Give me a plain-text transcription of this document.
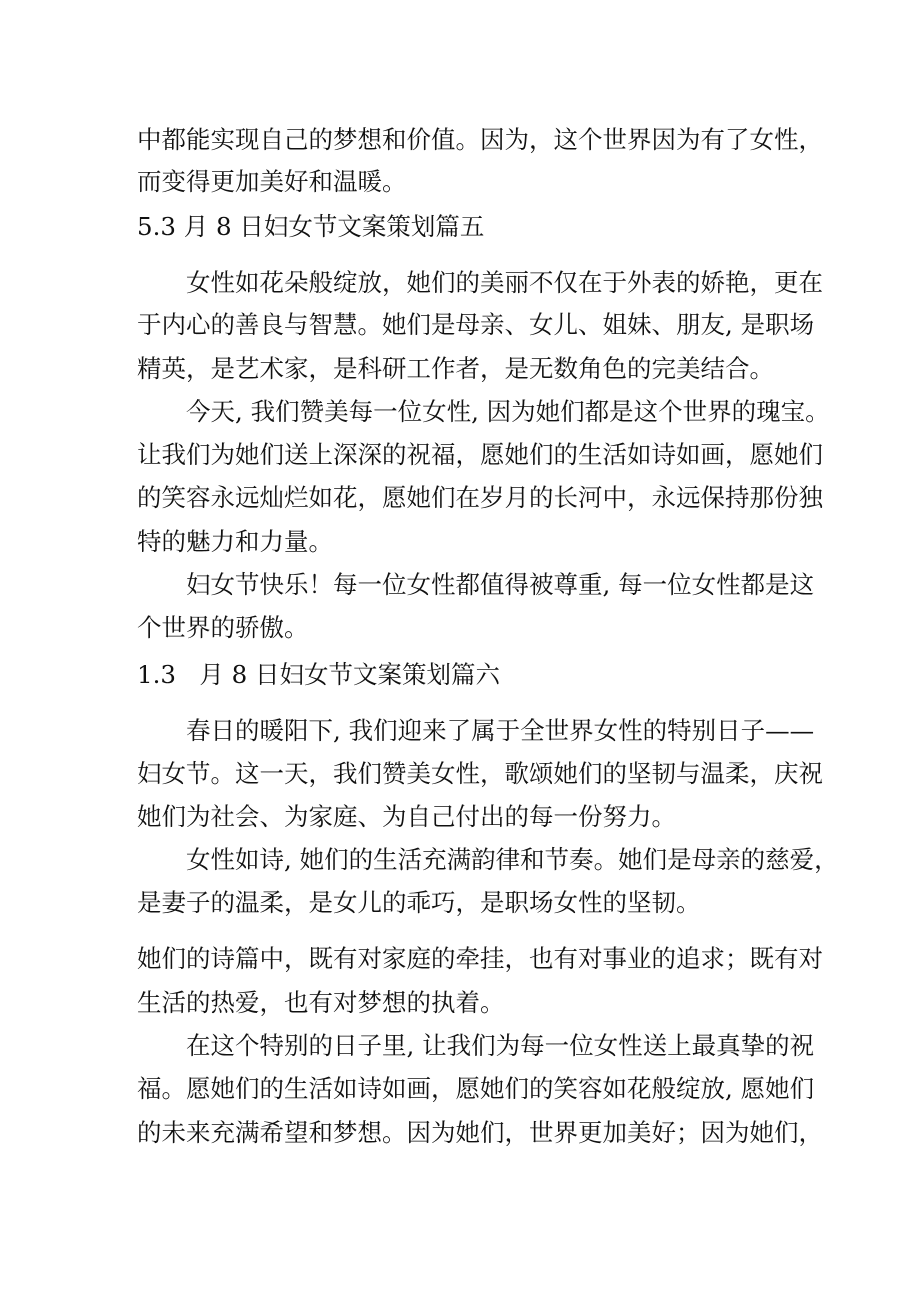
中都能实现自己的梦想和价值。因为，这个世界因为有了女性，
而变得更加美好和温暖。
5.3 月 8 日妇女节文案策划篇五
女性如花朵般绽放，她们的美丽不仅在于外表的娇艳，更在
于内心的善良与智慧。她们是母亲、女儿、姐妹、朋友, 是职场
精英，是艺术家，是科研工作者，是无数角色的完美结合。
今天, 我们赞美每一位女性, 因为她们都是这个世界的瑰宝。
让我们为她们送上深深的祝福，愿她们的生活如诗如画，愿她们
的笑容永远灿烂如花，愿她们在岁月的长河中，永远保持那份独
特的魅力和力量。
妇女节快乐！每一位女性都值得被尊重, 每一位女性都是这
个世界的骄傲。
1.3   月 8 日妇女节文案策划篇六
春日的暖阳下, 我们迎来了属于全世界女性的特别日子——
妇女节。这一天，我们赞美女性，歌颂她们的坚韧与温柔，庆祝
她们为社会、为家庭、为自己付出的每一份努力。
女性如诗, 她们的生活充满韵律和节奏。她们是母亲的慈爱，
是妻子的温柔，是女儿的乖巧，是职场女性的坚韧。
她们的诗篇中，既有对家庭的牵挂，也有对事业的追求；既有对
生活的热爱，也有对梦想的执着。
在这个特别的日子里, 让我们为每一位女性送上最真挚的祝
福。愿她们的生活如诗如画，愿她们的笑容如花般绽放, 愿她们
的未来充满希望和梦想。因为她们，世界更加美好；因为她们，
